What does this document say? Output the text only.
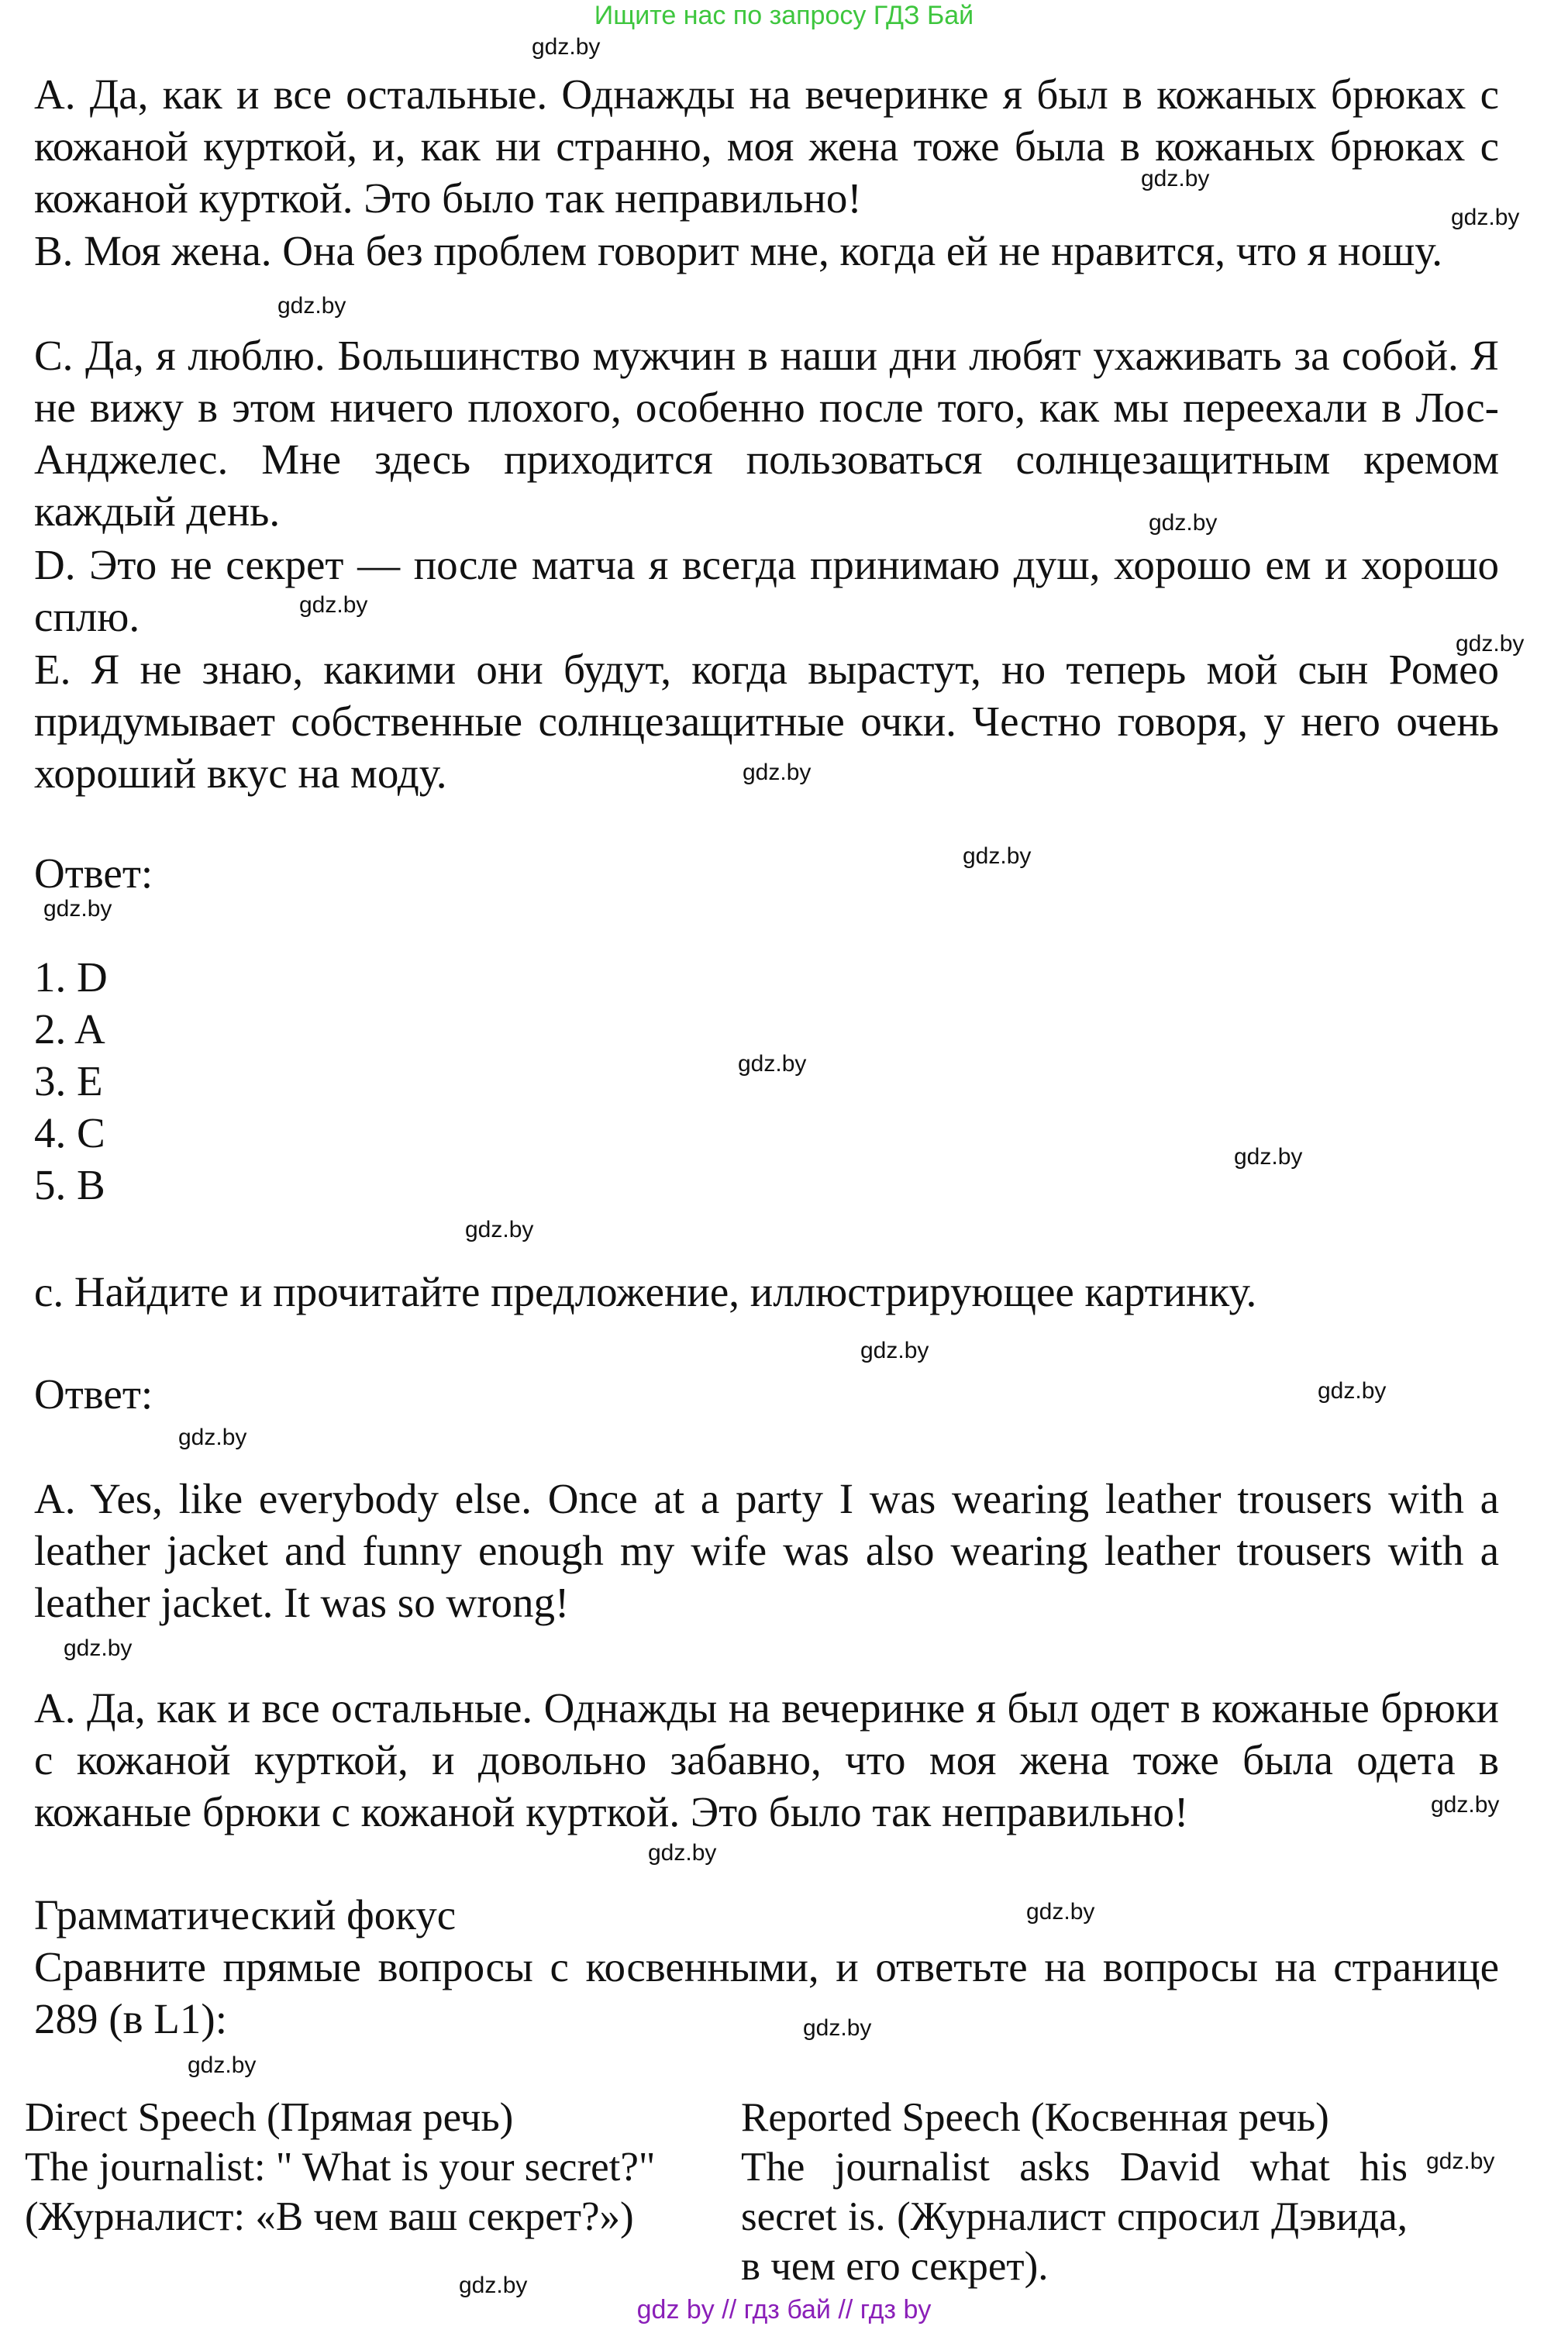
Ищите нас по запросу ГДЗ Бай

A. Да, как и все остальные. Однажды на вечеринке я был в кожаных брюках с кожаной курткой, и, как ни странно, моя жена тоже была в кожаных брюках с кожаной курткой. Это было так неправильно!

B. Моя жена. Она без проблем говорит мне, когда ей не нравится, что я ношу.

C. Да, я люблю. Большинство мужчин в наши дни любят ухаживать за собой. Я не вижу в этом ничего плохого, особенно после того, как мы переехали в Лос-Анджелес. Мне здесь приходится пользоваться солнцезащитным кремом каждый день.

D. Это не секрет — после матча я всегда принимаю душ, хорошо ем и хорошо сплю.

E. Я не знаю, какими они будут, когда вырастут, но теперь мой сын Ромео придумывает собственные солнцезащитные очки. Честно говоря, у него очень хороший вкус на моду.

Ответ:

1. D
2. A
3. E
4. C
5. B

c. Найдите и прочитайте предложение, иллюстрирующее картинку.

Ответ:

A. Yes, like everybody else. Once at a party I was wearing leather trousers with a leather jacket and funny enough my wife was also wearing leather trousers with a leather jacket. It was so wrong!

A. Да, как и все остальные. Однажды на вечеринке я был одет в кожаные брюки с кожаной курткой, и довольно забавно, что моя жена тоже была одета в кожаные брюки с кожаной курткой. Это было так неправильно!

Грамматический фокус

Сравните прямые вопросы с косвенными, и ответьте на вопросы на странице 289 (в L1):

Direct Speech (Прямая речь)

The journalist: " What is your secret?"

(Журналист: «В чем ваш секрет?»)

Reported Speech (Косвенная речь)

The journalist asks David what his secret is. (Журналист спросил Дэвида, в чем его секрет).

gdz.by
gdz.by
gdz.by
gdz.by
gdz.by
gdz.by
gdz.by
gdz.by
gdz.by
gdz.by
gdz.by
gdz.by
gdz.by
gdz.by
gdz.by
gdz.by
gdz.by
gdz.by
gdz.by
gdz.by
gdz.by
gdz.by
gdz.by
gdz.by
gdz by // гдз бай // гдз by
